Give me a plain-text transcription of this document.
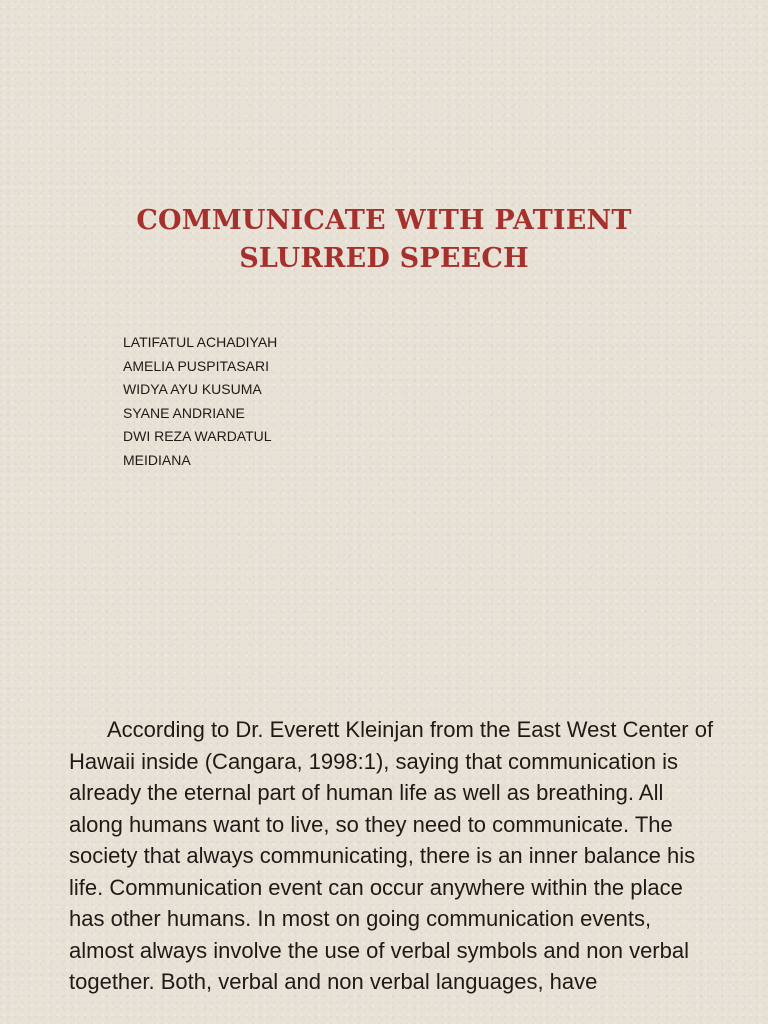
COMMUNICATE WITH PATIENT
SLURRED SPEECH
LATIFATUL ACHADIYAH
AMELIA PUSPITASARI
WIDYA AYU KUSUMA
SYANE ANDRIANE
DWI REZA WARDATUL
MEIDIANA

According to Dr. Everett Kleinjan from the East West Center of Hawaii inside (Cangara, 1998:1), saying that communication is already the eternal part of human life as well as breathing. All along humans want to live, so they need to communicate. The society that always communicating, there is an inner balance his life. Communication event can occur anywhere within the place has other humans. In most on going communication events, almost always involve the use of verbal symbols and non verbal together. Both, verbal and non verbal languages, have
